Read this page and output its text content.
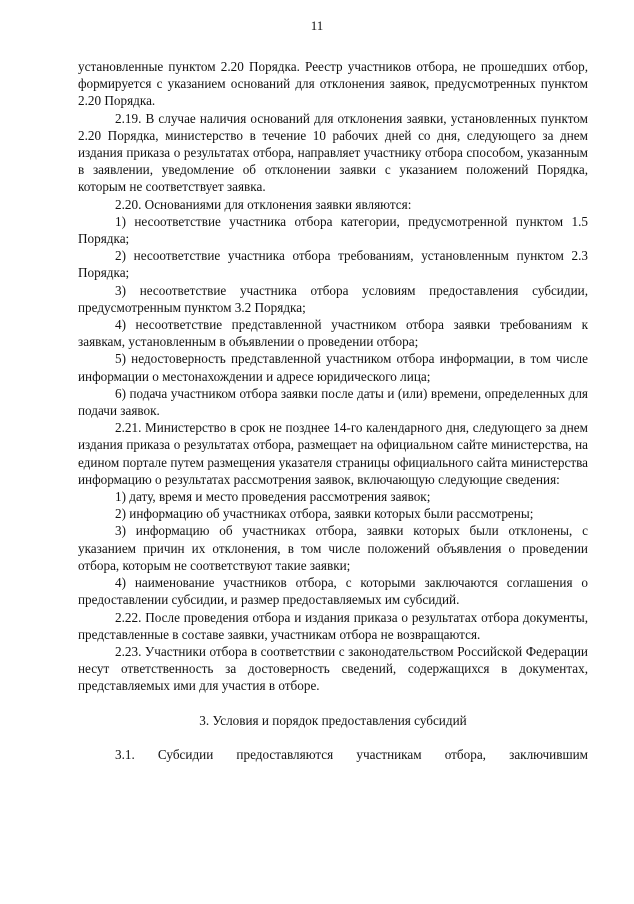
11

установленные пунктом 2.20 Порядка. Реестр участников отбора, не прошедших отбор, формируется с указанием оснований для отклонения заявок, предусмотренных пунктом 2.20 Порядка.

2.19. В случае наличия оснований для отклонения заявки, установленных пунктом 2.20 Порядка, министерство в течение 10 рабочих дней со дня, следующего за днем издания приказа о результатах отбора, направляет участнику отбора способом, указанным в заявлении, уведомление об отклонении заявки с указанием положений Порядка, которым не соответствует заявка.

2.20. Основаниями для отклонения заявки являются:

1) несоответствие участника отбора категории, предусмотренной пунктом 1.5 Порядка;

2) несоответствие участника отбора требованиям, установленным пунктом 2.3 Порядка;

3) несоответствие участника отбора условиям предоставления субсидии, предусмотренным пунктом 3.2 Порядка;

4) несоответствие представленной участником отбора заявки требованиям к заявкам, установленным в объявлении о проведении отбора;

5) недостоверность представленной участником отбора информации, в том числе информации о местонахождении и адресе юридического лица;

6) подача участником отбора заявки после даты и (или) времени, определенных для подачи заявок.

2.21. Министерство в срок не позднее 14-го календарного дня, следующего за днем издания приказа о результатах отбора, размещает на официальном сайте министерства, на едином портале путем размещения указателя страницы официального сайта министерства информацию о результатах рассмотрения заявок, включающую следующие сведения:

1) дату, время и место проведения рассмотрения заявок;

2) информацию об участниках отбора, заявки которых были рассмотрены;

3) информацию об участниках отбора, заявки которых были отклонены, с указанием причин их отклонения, в том числе положений объявления о проведении отбора, которым не соответствуют такие заявки;

4) наименование участников отбора, с которыми заключаются соглашения о предоставлении субсидии, и размер предоставляемых им субсидий.

2.22. После проведения отбора и издания приказа о результатах отбора документы, представленные в составе заявки, участникам отбора не возвращаются.

2.23. Участники отбора в соответствии с законодательством Российской Федерации несут ответственность за достоверность сведений, содержащихся в документах, представляемых ими для участия в отборе.

3. Условия и порядок предоставления субсидий

3.1. Субсидии предоставляются участникам отбора, заключившим
